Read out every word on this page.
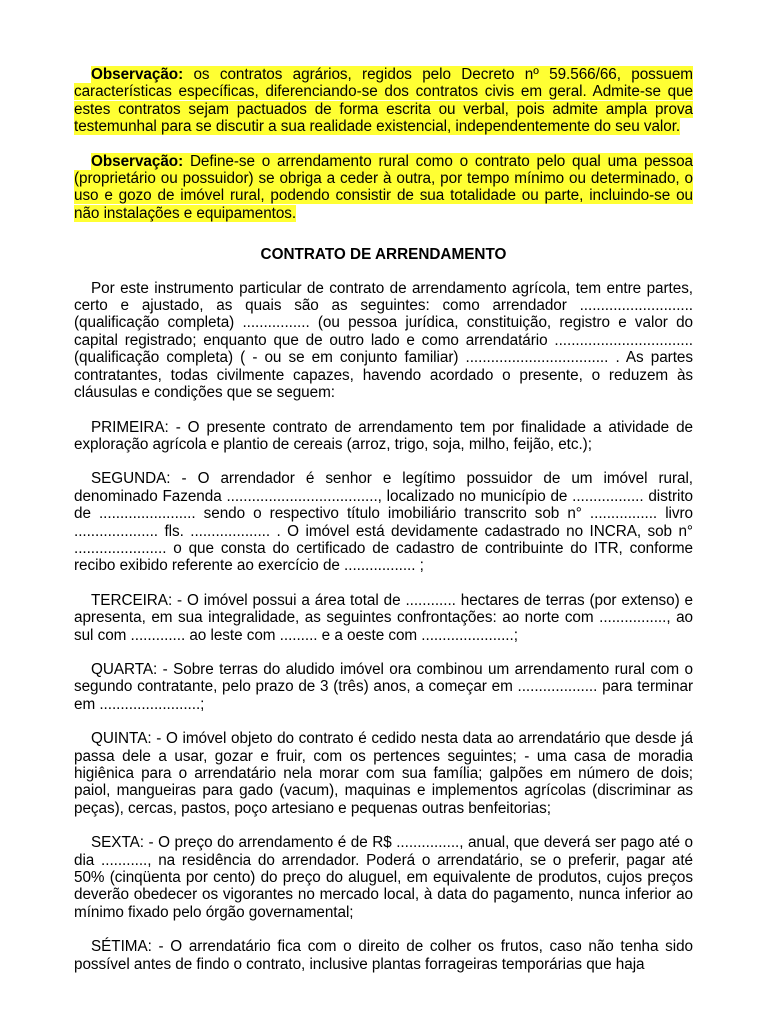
Observação: os contratos agrários, regidos pelo Decreto nº 59.566/66, possuem características específicas, diferenciando-se dos contratos civis em geral. Admite-se que estes contratos sejam pactuados de forma escrita ou verbal, pois admite ampla prova testemunhal para se discutir a sua realidade existencial, independentemente do seu valor.

Observação: Define-se o arrendamento rural como o contrato pelo qual uma pessoa (proprietário ou possuidor) se obriga a ceder à outra, por tempo mínimo ou determinado, o uso e gozo de imóvel rural, podendo consistir de sua totalidade ou parte, incluindo-se ou não instalações e equipamentos.

CONTRATO DE ARRENDAMENTO

Por este instrumento particular de contrato de arrendamento agrícola, tem entre partes, certo e ajustado, as quais são as seguintes: como arrendador ........................... (qualificação completa) ................ (ou pessoa jurídica, constituição, registro e valor do capital registrado; enquanto que de outro lado e como arrendatário ................................. (qualificação completa) ( - ou se em conjunto familiar) .................................. . As partes contratantes, todas civilmente capazes, havendo acordado o presente, o reduzem às cláusulas e condições que se seguem:

PRIMEIRA: - O presente contrato de arrendamento tem por finalidade a atividade de exploração agrícola e plantio de cereais (arroz, trigo, soja, milho, feijão, etc.);

SEGUNDA: - O arrendador é senhor e legítimo possuidor de um imóvel rural, denominado Fazenda ...................................., localizado no município de ................. distrito de ....................... sendo o respectivo título imobiliário transcrito sob n° ................ livro .................... fls. ................... . O imóvel está devidamente cadastrado no INCRA, sob n° ...................... o que consta do certificado de cadastro de contribuinte do ITR, conforme recibo exibido referente ao exercício de ................. ;

TERCEIRA: - O imóvel possui a área total de ............ hectares de terras (por extenso) e apresenta, em sua integralidade, as seguintes confrontações: ao norte com ................, ao sul com ............. ao leste com ......... e a oeste com ......................;

QUARTA: - Sobre terras do aludido imóvel ora combinou um arrendamento rural com o segundo contratante, pelo prazo de 3 (três) anos, a começar em ................... para terminar em ........................;

QUINTA: - O imóvel objeto do contrato é cedido nesta data ao arrendatário que desde já passa dele a usar, gozar e fruir, com os pertences seguintes; - uma casa de moradia higiênica para o arrendatário nela morar com sua família; galpões em número de dois; paiol, mangueiras para gado (vacum), maquinas e implementos agrícolas (discriminar as peças), cercas, pastos, poço artesiano e pequenas outras benfeitorias;

SEXTA: - O preço do arrendamento é de R$ ..............., anual, que deverá ser pago até o dia ..........., na residência do arrendador. Poderá o arrendatário, se o preferir, pagar até 50% (cinqüenta por cento) do preço do aluguel, em equivalente de produtos, cujos preços deverão obedecer os vigorantes no mercado local, à data do pagamento, nunca inferior ao mínimo fixado pelo órgão governamental;

SÉTIMA: - O arrendatário fica com o direito de colher os frutos, caso não tenha sido possível antes de findo o contrato, inclusive plantas forrageiras temporárias que haja
